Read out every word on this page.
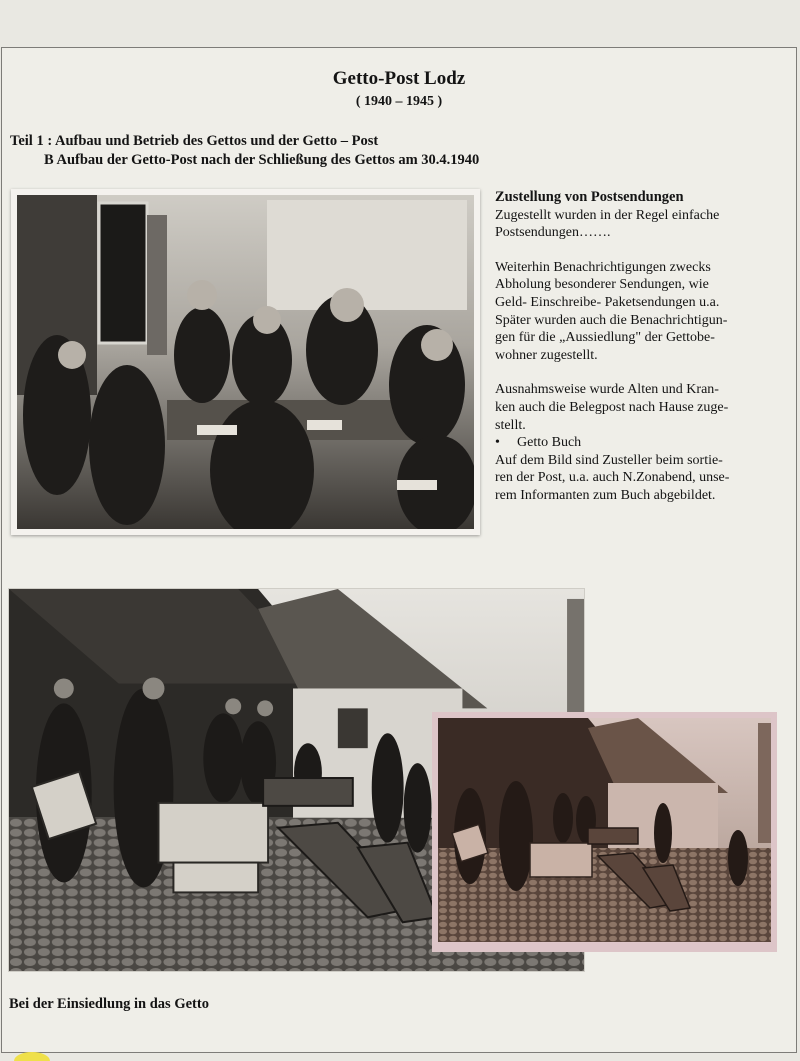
Getto-Post Lodz
( 1940 – 1945 )
Teil 1 : Aufbau und Betrieb des Gettos und der Getto – Post
B Aufbau der Getto-Post nach der Schließung des Gettos am 30.4.1940
Zustellung von Postsendungen

Zugestellt wurden in der Regel einfache
Postsendungen…….

Weiterhin Benachrichtigungen zwecks
Abholung besonderer Sendungen, wie
Geld- Einschreibe- Paketsendungen u.a.
Später wurden auch die Benachrichtigun-
gen für die „Aussiedlung" der Gettobe-
wohner zugestellt.

Ausnahmsweise wurde Alten und Kran-
ken auch die Belegpost nach Hause zuge-
stellt.

•	Getto Buch

Auf dem Bild sind Zusteller beim sortie-
ren der Post, u.a. auch N.Zonabend, unse-
rem Informanten zum Buch abgebildet.

Bei der Einsiedlung in das Getto
